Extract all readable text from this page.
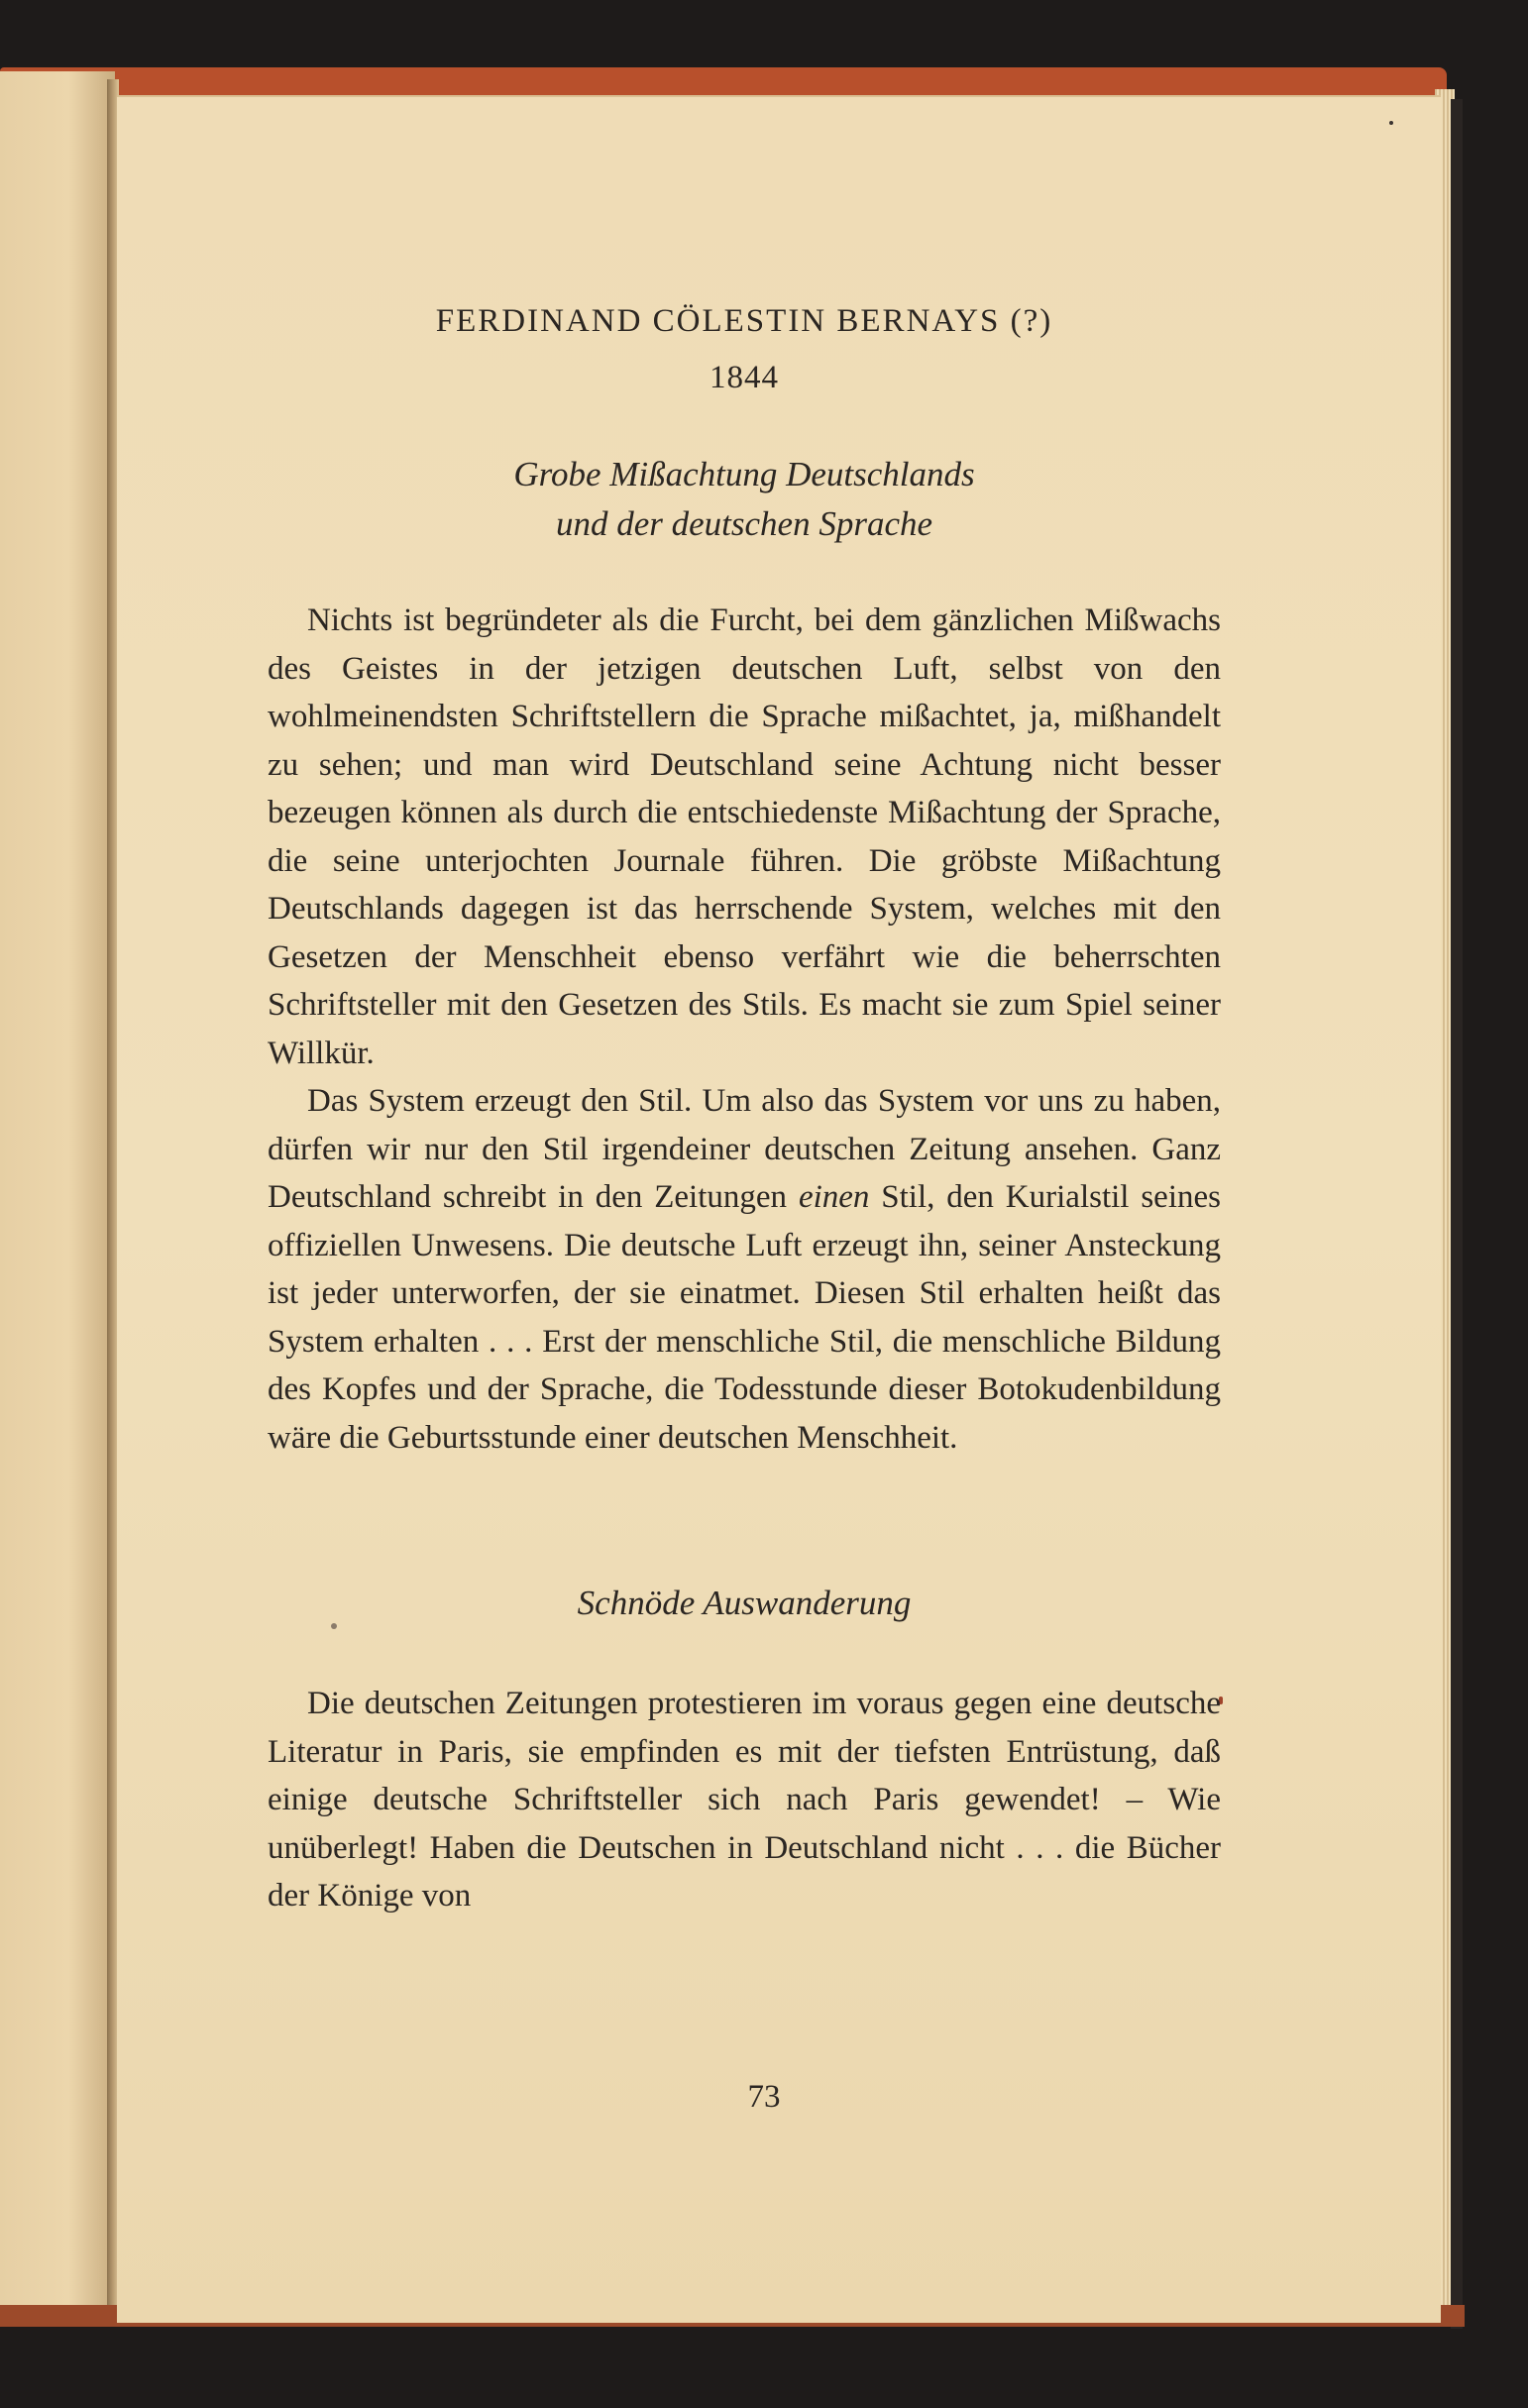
FERDINAND CÖLESTIN BERNAYS (?)

1844

Grobe Mißachtung Deutschlands

und der deutschen Sprache

Nichts ist begründeter als die Furcht, bei dem gänzlichen Mißwachs des Geistes in der jetzigen deutschen Luft, selbst von den wohlmeinendsten Schriftstellern die Sprache mißachtet, ja, mißhandelt zu sehen; und man wird Deutschland seine Achtung nicht besser bezeugen können als durch die entschiedenste Mißachtung der Sprache, die seine unterjochten Journale führen. Die gröbste Mißachtung Deutschlands dagegen ist das herrschende System, welches mit den Gesetzen der Menschheit ebenso verfährt wie die beherrschten Schriftsteller mit den Gesetzen des Stils. Es macht sie zum Spiel seiner Willkür.

Das System erzeugt den Stil. Um also das System vor uns zu haben, dürfen wir nur den Stil irgendeiner deutschen Zeitung ansehen. Ganz Deutschland schreibt in den Zeitungen einen Stil, den Kurialstil seines offiziellen Unwesens. Die deutsche Luft erzeugt ihn, seiner Ansteckung ist jeder unterworfen, der sie einatmet. Diesen Stil erhalten heißt das System erhalten . . . Erst der menschliche Stil, die menschliche Bildung des Kopfes und der Sprache, die Todesstunde dieser Botokudenbildung wäre die Geburtsstunde einer deutschen Menschheit.

Schnöde Auswanderung

Die deutschen Zeitungen protestieren im voraus gegen eine deutsche Literatur in Paris, sie empfinden es mit der tiefsten Entrüstung, daß einige deutsche Schriftsteller sich nach Paris gewendet! – Wie unüberlegt! Haben die Deutschen in Deutschland nicht . . . die Bücher der Könige von

73
